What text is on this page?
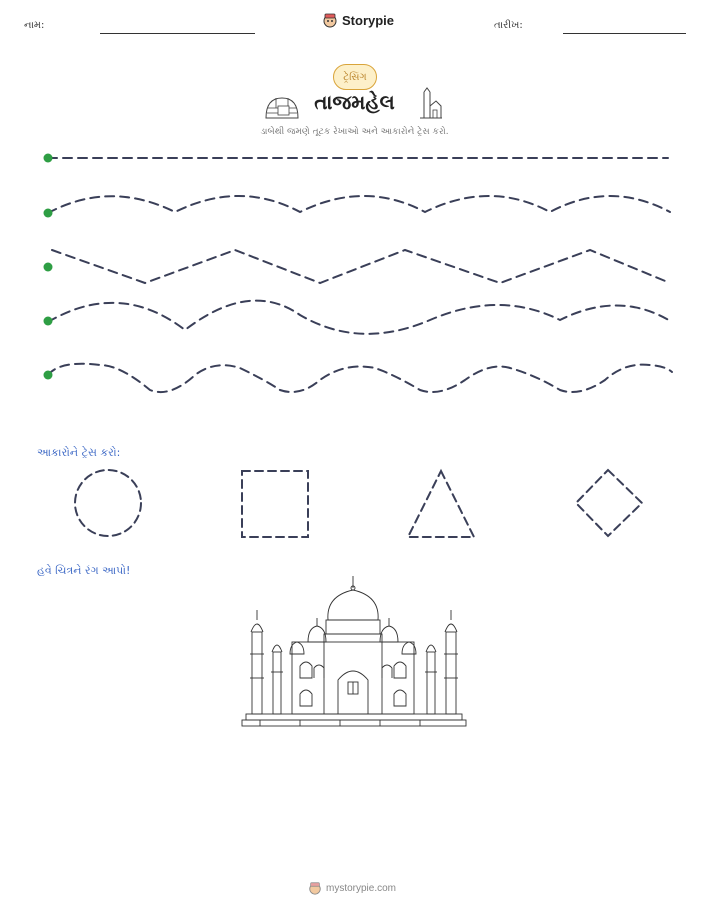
નામ:	Storypie	તારીખ:
ટ્રેસિંગ
તાજમહેલ
ડાબેથી જમણે તૂટક રેખાઓ અને આકારોને ટ્રેસ કરો.
આકારોને ટ્રેસ કરો:
હવે ચિત્રને રંગ આપો!
mystorypie.com
